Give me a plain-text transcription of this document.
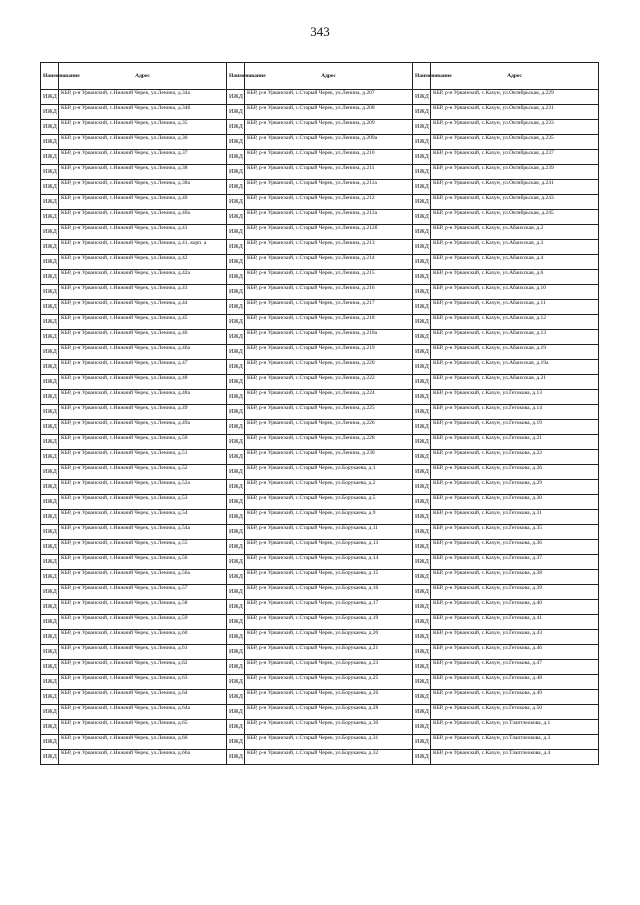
343
Наименование	Адрес	Наименование	Адрес	Наименование	Адрес
ИЖД	КБР, р-н Урванский, с.Нижний Черек, ул.Ленина, д.34а	ИЖД	КБР, р-н Урванский, с.Старый Черек, ул.Ленина, д.207	ИЖД	КБР, р-н Урванский, с.Кахун, ул.Октябрьская, д.229
ИЖД	КБР, р-н Урванский, с.Нижний Черек, ул.Ленина, д.34б	ИЖД	КБР, р-н Урванский, с.Старый Черек, ул.Ленина, д.208	ИЖД	КБР, р-н Урванский, с.Кахун, ул.Октябрьская, д.231
ИЖД	КБР, р-н Урванский, с.Нижний Черек, ул.Ленина, д.35	ИЖД	КБР, р-н Урванский, с.Старый Черек, ул.Ленина, д.209	ИЖД	КБР, р-н Урванский, с.Кахун, ул.Октябрьская, д.233
ИЖД	КБР, р-н Урванский, с.Нижний Черек, ул.Ленина, д.36	ИЖД	КБР, р-н Урванский, с.Старый Черек, ул.Ленина, д.209а	ИЖД	КБР, р-н Урванский, с.Кахун, ул.Октябрьская, д.235
ИЖД	КБР, р-н Урванский, с.Нижний Черек, ул.Ленина, д.37	ИЖД	КБР, р-н Урванский, с.Старый Черек, ул.Ленина, д.210	ИЖД	КБР, р-н Урванский, с.Кахун, ул.Октябрьская, д.237
ИЖД	КБР, р-н Урванский, с.Нижний Черек, ул.Ленина, д.38	ИЖД	КБР, р-н Урванский, с.Старый Черек, ул.Ленина, д.211	ИЖД	КБР, р-н Урванский, с.Кахун, ул.Октябрьская, д.239
ИЖД	КБР, р-н Урванский, с.Нижний Черек, ул.Ленина, д.38а	ИЖД	КБР, р-н Урванский, с.Старый Черек, ул.Ленина, д.211а	ИЖД	КБР, р-н Урванский, с.Кахун, ул.Октябрьская, д.241
ИЖД	КБР, р-н Урванский, с.Нижний Черек, ул.Ленина, д.40	ИЖД	КБР, р-н Урванский, с.Старый Черек, ул.Ленина, д.212	ИЖД	КБР, р-н Урванский, с.Кахун, ул.Октябрьская, д.243
ИЖД	КБР, р-н Урванский, с.Нижний Черек, ул.Ленина, д.40а	ИЖД	КБР, р-н Урванский, с.Старый Черек, ул.Ленина, д.212а	ИЖД	КБР, р-н Урванский, с.Кахун, ул.Октябрьская, д.245
ИЖД	КБР, р-н Урванский, с.Нижний Черек, ул.Ленина, д.41	ИЖД	КБР, р-н Урванский, с.Старый Черек, ул.Ленина, д.212б	ИЖД	КБР, р-н Урванский, с.Кахун, ул.Абаихская, д.2
ИЖД	КБР, р-н Урванский, с.Нижний Черек, ул.Ленина, д.41, корп. а	ИЖД	КБР, р-н Урванский, с.Старый Черек, ул.Ленина, д.213	ИЖД	КБР, р-н Урванский, с.Кахун, ул.Абаихская, д.3
ИЖД	КБР, р-н Урванский, с.Нижний Черек, ул.Ленина, д.42	ИЖД	КБР, р-н Урванский, с.Старый Черек, ул.Ленина, д.214	ИЖД	КБР, р-н Урванский, с.Кахун, ул.Абаихская, д.4
ИЖД	КБР, р-н Урванский, с.Нижний Черек, ул.Ленина, д.42а	ИЖД	КБР, р-н Урванский, с.Старый Черек, ул.Ленина, д.215	ИЖД	КБР, р-н Урванский, с.Кахун, ул.Абаихская, д.6
ИЖД	КБР, р-н Урванский, с.Нижний Черек, ул.Ленина, д.43	ИЖД	КБР, р-н Урванский, с.Старый Черек, ул.Ленина, д.216	ИЖД	КБР, р-н Урванский, с.Кахун, ул.Абаихская, д.10
ИЖД	КБР, р-н Урванский, с.Нижний Черек, ул.Ленина, д.44	ИЖД	КБР, р-н Урванский, с.Старый Черек, ул.Ленина, д.217	ИЖД	КБР, р-н Урванский, с.Кахун, ул.Абаихская, д.11
ИЖД	КБР, р-н Урванский, с.Нижний Черек, ул.Ленина, д.45	ИЖД	КБР, р-н Урванский, с.Старый Черек, ул.Ленина, д.218	ИЖД	КБР, р-н Урванский, с.Кахун, ул.Абаихская, д.12
ИЖД	КБР, р-н Урванский, с.Нижний Черек, ул.Ленина, д.46	ИЖД	КБР, р-н Урванский, с.Старый Черек, ул.Ленина, д.218а	ИЖД	КБР, р-н Урванский, с.Кахун, ул.Абаихская, д.13
ИЖД	КБР, р-н Урванский, с.Нижний Черек, ул.Ленина, д.46а	ИЖД	КБР, р-н Урванский, с.Старый Черек, ул.Ленина, д.219	ИЖД	КБР, р-н Урванский, с.Кахун, ул.Абаихская, д.19
ИЖД	КБР, р-н Урванский, с.Нижний Черек, ул.Ленина, д.47	ИЖД	КБР, р-н Урванский, с.Старый Черек, ул.Ленина, д.220	ИЖД	КБР, р-н Урванский, с.Кахун, ул.Абаихская, д.19а
ИЖД	КБР, р-н Урванский, с.Нижний Черек, ул.Ленина, д.48	ИЖД	КБР, р-н Урванский, с.Старый Черек, ул.Ленина, д.222	ИЖД	КБР, р-н Урванский, с.Кахун, ул.Абаихская, д.21
ИЖД	КБР, р-н Урванский, с.Нижний Черек, ул.Ленина, д.48а	ИЖД	КБР, р-н Урванский, с.Старый Черек, ул.Ленина, д.224	ИЖД	КБР, р-н Урванский, с.Кахун, ул.Гетокова, д.13
ИЖД	КБР, р-н Урванский, с.Нижний Черек, ул.Ленина, д.49	ИЖД	КБР, р-н Урванский, с.Старый Черек, ул.Ленина, д.225	ИЖД	КБР, р-н Урванский, с.Кахун, ул.Гетокова, д.14
ИЖД	КБР, р-н Урванский, с.Нижний Черек, ул.Ленина, д.49а	ИЖД	КБР, р-н Урванский, с.Старый Черек, ул.Ленина, д.226	ИЖД	КБР, р-н Урванский, с.Кахун, ул.Гетокова, д.19
ИЖД	КБР, р-н Урванский, с.Нижний Черек, ул.Ленина, д.50	ИЖД	КБР, р-н Урванский, с.Старый Черек, ул.Ленина, д.228	ИЖД	КБР, р-н Урванский, с.Кахун, ул.Гетокова, д.21
ИЖД	КБР, р-н Урванский, с.Нижний Черек, ул.Ленина, д.51	ИЖД	КБР, р-н Урванский, с.Старый Черек, ул.Ленина, д.230	ИЖД	КБР, р-н Урванский, с.Кахун, ул.Гетокова, д.22
ИЖД	КБР, р-н Урванский, с.Нижний Черек, ул.Ленина, д.52	ИЖД	КБР, р-н Урванский, с.Старый Черек, ул.Борукаева, д.1	ИЖД	КБР, р-н Урванский, с.Кахун, ул.Гетокова, д.26
ИЖД	КБР, р-н Урванский, с.Нижний Черек, ул.Ленина, д.52а	ИЖД	КБР, р-н Урванский, с.Старый Черек, ул.Борукаева, д.2	ИЖД	КБР, р-н Урванский, с.Кахун, ул.Гетокова, д.29
ИЖД	КБР, р-н Урванский, с.Нижний Черек, ул.Ленина, д.53	ИЖД	КБР, р-н Урванский, с.Старый Черек, ул.Борукаева, д.5	ИЖД	КБР, р-н Урванский, с.Кахун, ул.Гетокова, д.30
ИЖД	КБР, р-н Урванский, с.Нижний Черек, ул.Ленина, д.54	ИЖД	КБР, р-н Урванский, с.Старый Черек, ул.Борукаева, д.9	ИЖД	КБР, р-н Урванский, с.Кахун, ул.Гетокова, д.31
ИЖД	КБР, р-н Урванский, с.Нижний Черек, ул.Ленина, д.54а	ИЖД	КБР, р-н Урванский, с.Старый Черек, ул.Борукаева, д.11	ИЖД	КБР, р-н Урванский, с.Кахун, ул.Гетокова, д.35
ИЖД	КБР, р-н Урванский, с.Нижний Черек, ул.Ленина, д.55	ИЖД	КБР, р-н Урванский, с.Старый Черек, ул.Борукаева, д.13	ИЖД	КБР, р-н Урванский, с.Кахун, ул.Гетокова, д.36
ИЖД	КБР, р-н Урванский, с.Нижний Черек, ул.Ленина, д.56	ИЖД	КБР, р-н Урванский, с.Старый Черек, ул.Борукаева, д.14	ИЖД	КБР, р-н Урванский, с.Кахун, ул.Гетокова, д.37
ИЖД	КБР, р-н Урванский, с.Нижний Черек, ул.Ленина, д.56а	ИЖД	КБР, р-н Урванский, с.Старый Черек, ул.Борукаева, д.15	ИЖД	КБР, р-н Урванский, с.Кахун, ул.Гетокова, д.38
ИЖД	КБР, р-н Урванский, с.Нижний Черек, ул.Ленина, д.57	ИЖД	КБР, р-н Урванский, с.Старый Черек, ул.Борукаева, д.16	ИЖД	КБР, р-н Урванский, с.Кахун, ул.Гетокова, д.39
ИЖД	КБР, р-н Урванский, с.Нижний Черек, ул.Ленина, д.58	ИЖД	КБР, р-н Урванский, с.Старый Черек, ул.Борукаева, д.17	ИЖД	КБР, р-н Урванский, с.Кахун, ул.Гетокова, д.40
ИЖД	КБР, р-н Урванский, с.Нижний Черек, ул.Ленина, д.59	ИЖД	КБР, р-н Урванский, с.Старый Черек, ул.Борукаева, д.19	ИЖД	КБР, р-н Урванский, с.Кахун, ул.Гетокова, д.41
ИЖД	КБР, р-н Урванский, с.Нижний Черек, ул.Ленина, д.60	ИЖД	КБР, р-н Урванский, с.Старый Черек, ул.Борукаева, д.20	ИЖД	КБР, р-н Урванский, с.Кахун, ул.Гетокова, д.43
ИЖД	КБР, р-н Урванский, с.Нижний Черек, ул.Ленина, д.61	ИЖД	КБР, р-н Урванский, с.Старый Черек, ул.Борукаева, д.21	ИЖД	КБР, р-н Урванский, с.Кахун, ул.Гетокова, д.46
ИЖД	КБР, р-н Урванский, с.Нижний Черек, ул.Ленина, д.62	ИЖД	КБР, р-н Урванский, с.Старый Черек, ул.Борукаева, д.23	ИЖД	КБР, р-н Урванский, с.Кахун, ул.Гетокова, д.47
ИЖД	КБР, р-н Урванский, с.Нижний Черек, ул.Ленина, д.63	ИЖД	КБР, р-н Урванский, с.Старый Черек, ул.Борукаева, д.25	ИЖД	КБР, р-н Урванский, с.Кахун, ул.Гетокова, д.48
ИЖД	КБР, р-н Урванский, с.Нижний Черек, ул.Ленина, д.64	ИЖД	КБР, р-н Урванский, с.Старый Черек, ул.Борукаева, д.26	ИЖД	КБР, р-н Урванский, с.Кахун, ул.Гетокова, д.49
ИЖД	КБР, р-н Урванский, с.Нижний Черек, ул.Ленина, д.64а	ИЖД	КБР, р-н Урванский, с.Старый Черек, ул.Борукаева, д.28	ИЖД	КБР, р-н Урванский, с.Кахун, ул.Гетокова, д.50
ИЖД	КБР, р-н Урванский, с.Нижний Черек, ул.Ленина, д.65	ИЖД	КБР, р-н Урванский, с.Старый Черек, ул.Борукаева, д.30	ИЖД	КБР, р-н Урванский, с.Кахун, ул.Тлаптлеокова, д.1
ИЖД	КБР, р-н Урванский, с.Нижний Черек, ул.Ленина, д.66	ИЖД	КБР, р-н Урванский, с.Старый Черек, ул.Борукаева, д.31	ИЖД	КБР, р-н Урванский, с.Кахун, ул.Тлаптлеокова, д.3
ИЖД	КБР, р-н Урванский, с.Нижний Черек, ул.Ленина, д.66а	ИЖД	КБР, р-н Урванский, с.Старый Черек, ул.Борукаева, д.32	ИЖД	КБР, р-н Урванский, с.Кахун, ул.Тлаптлеокова, д.4
